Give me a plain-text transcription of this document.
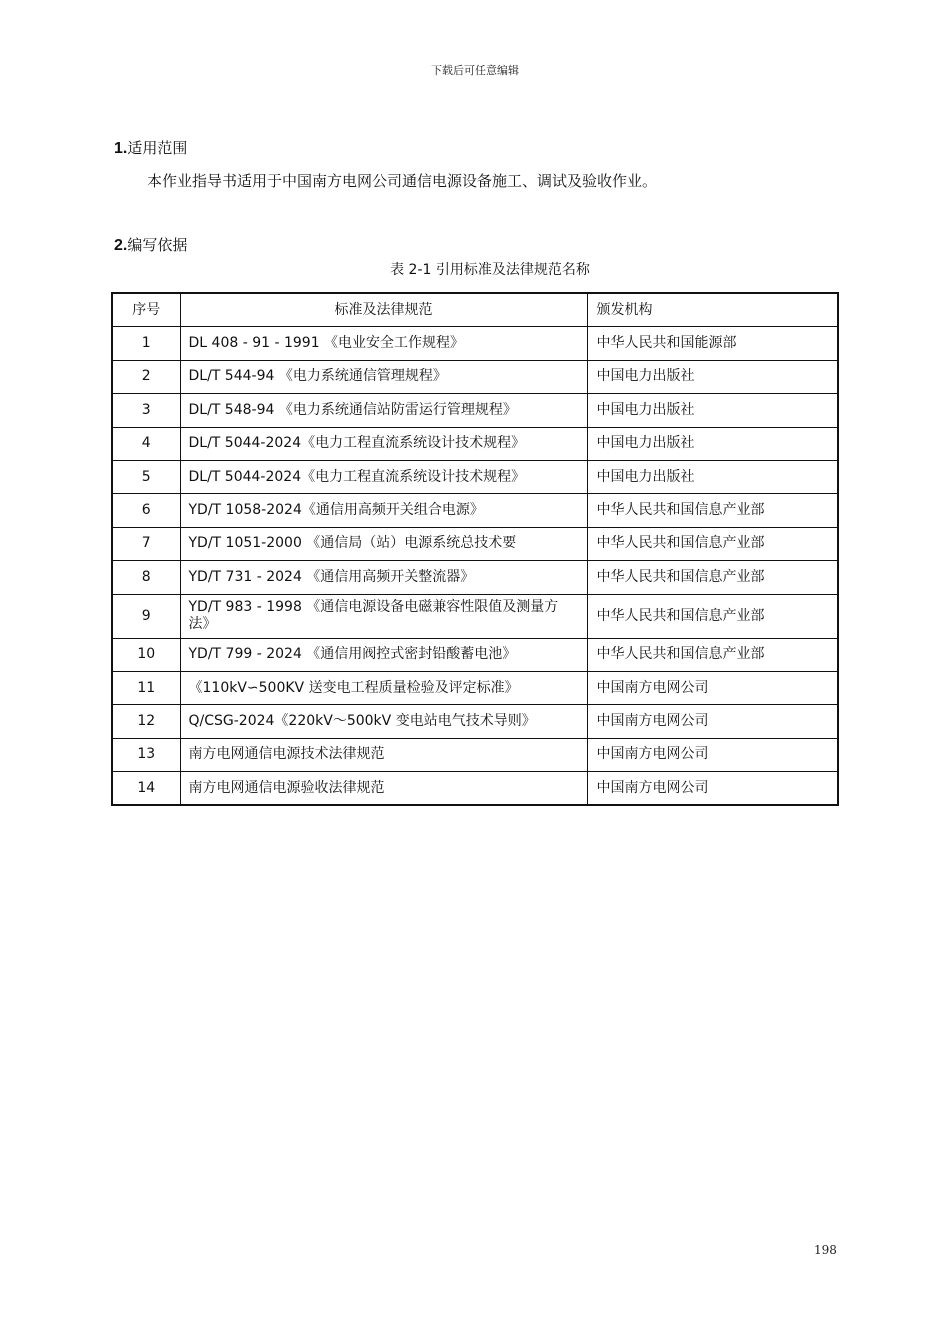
下载后可任意编辑
1.适用范围
本作业指导书适用于中国南方电网公司通信电源设备施工、调试及验收作业。
2.编写依据
表 2-1 引用标准及法律规范名称
序号	标准及法律规范	颁发机构
1	DL 408 - 91 - 1991 《电业安全工作规程》	中华人民共和国能源部
2	DL/T 544-94 《电力系统通信管理规程》	中国电力出版社
3	DL/T 548-94 《电力系统通信站防雷运行管理规程》	中国电力出版社
4	DL/T 5044-2024《电力工程直流系统设计技术规程》	中国电力出版社
5	DL/T 5044-2024《电力工程直流系统设计技术规程》	中国电力出版社
6	YD/T 1058-2024《通信用高频开关组合电源》	中华人民共和国信息产业部
7	YD/T 1051-2000 《通信局（站）电源系统总技术要	中华人民共和国信息产业部
8	YD/T 731 - 2024 《通信用高频开关整流器》	中华人民共和国信息产业部
9	YD/T 983 - 1998 《通信电源设备电磁兼容性限值及测量方法》	中华人民共和国信息产业部
10	YD/T 799 - 2024 《通信用阀控式密封铅酸蓄电池》	中华人民共和国信息产业部
11	《110kV∽500KV 送变电工程质量检验及评定标准》	中国南方电网公司
12	Q/CSG-2024《220kV～500kV 变电站电气技术导则》	中国南方电网公司
13	南方电网通信电源技术法律规范	中国南方电网公司
14	南方电网通信电源验收法律规范	中国南方电网公司
198
